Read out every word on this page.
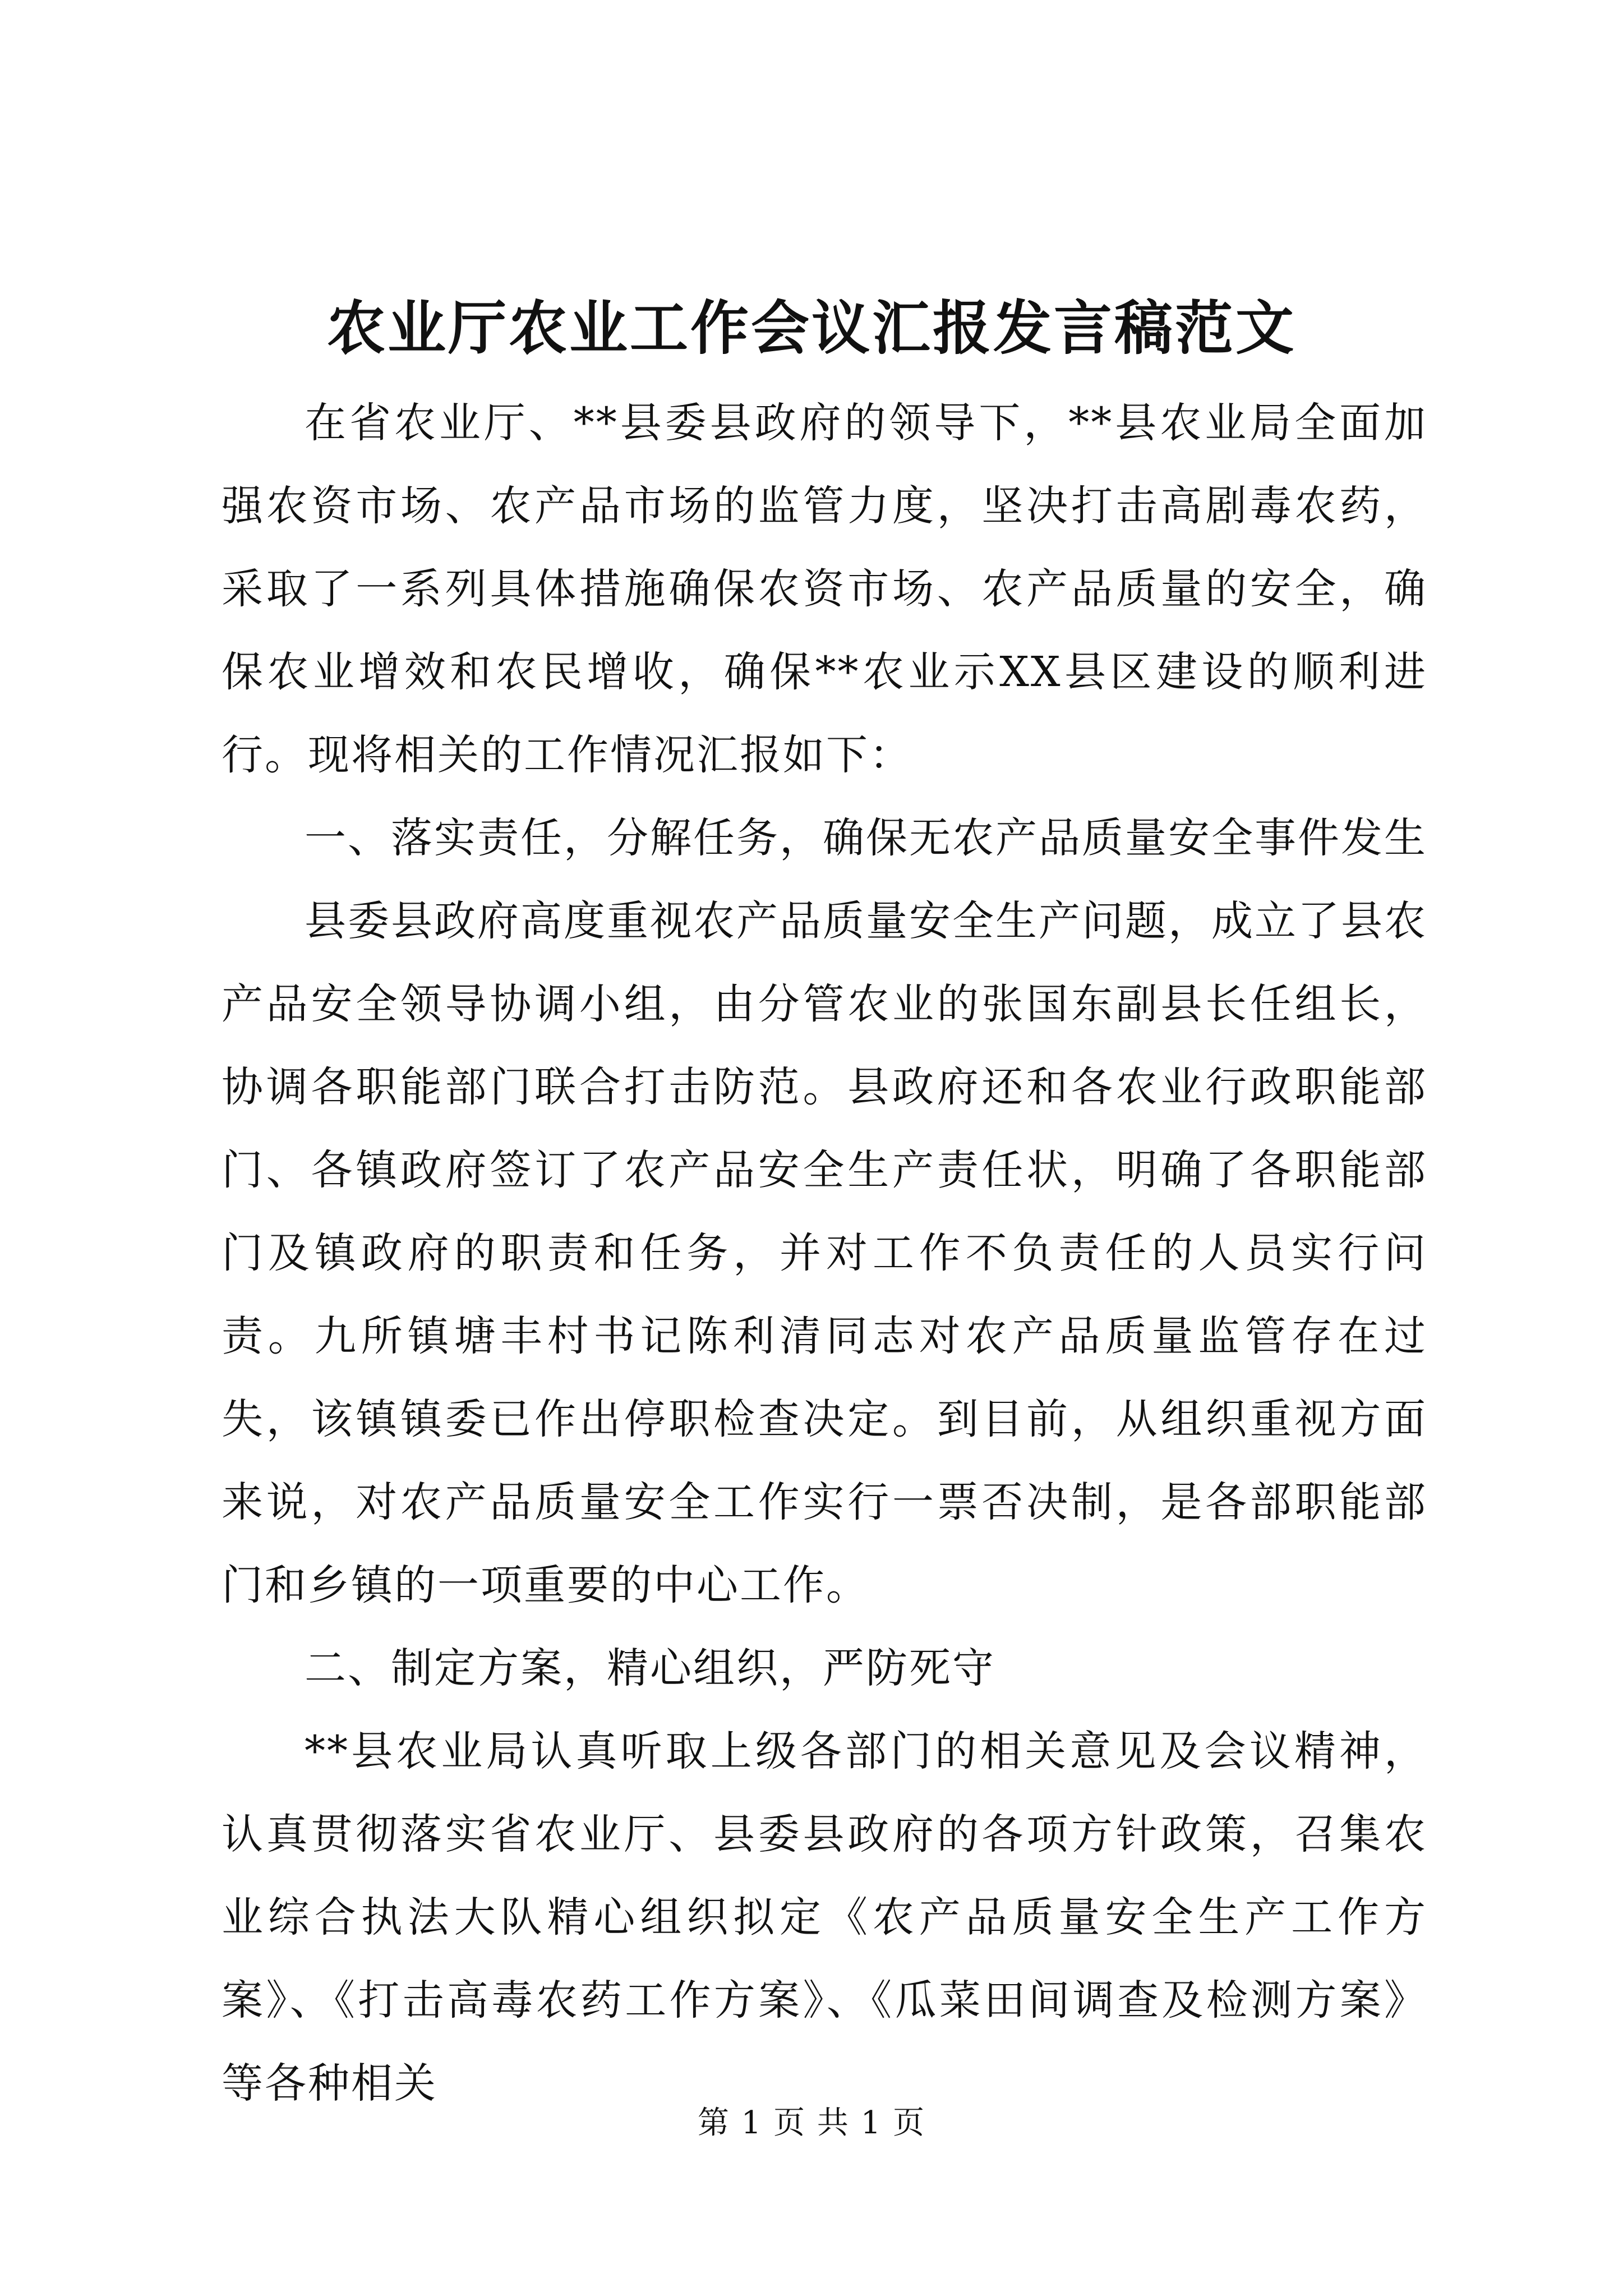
农业厅农业工作会议汇报发言稿范文

在省农业厅、**县委县政府的领导下，**县农业局全面加强农资市场、农产品市场的监管力度，坚决打击高剧毒农药，采取了一系列具体措施确保农资市场、农产品质量的安全，确保农业增效和农民增收，确保**农业示XX县区建设的顺利进行。现将相关的工作情况汇报如下：

一、落实责任，分解任务，确保无农产品质量安全事件发生

县委县政府高度重视农产品质量安全生产问题，成立了县农产品安全领导协调小组，由分管农业的张国东副县长任组长，协调各职能部门联合打击防范。县政府还和各农业行政职能部门、各镇政府签订了农产品安全生产责任状，明确了各职能部门及镇政府的职责和任务，并对工作不负责任的人员实行问责。九所镇塘丰村书记陈利清同志对农产品质量监管存在过失，该镇镇委已作出停职检查决定。到目前，从组织重视方面来说，对农产品质量安全工作实行一票否决制，是各部职能部门和乡镇的一项重要的中心工作。

二、制定方案，精心组织，严防死守

**县农业局认真听取上级各部门的相关意见及会议精神，认真贯彻落实省农业厅、县委县政府的各项方针政策，召集农业综合执法大队精心组织拟定《农产品质量安全生产工作方案》、《打击高毒农药工作方案》、《瓜菜田间调查及检测方案》等各种相关

第 1 页 共 1 页
